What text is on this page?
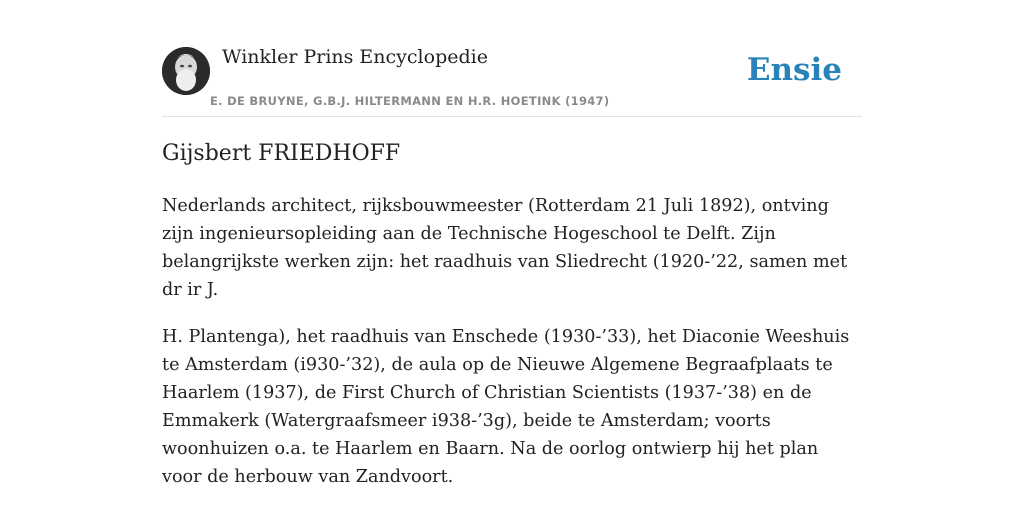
Winkler Prins Encyclopedie
E. DE BRUYNE, G.B.J. HILTERMANN EN H.R. HOETINK (1947)
Ensie
Gijsbert FRIEDHOFF

Nederlands architect, rijksbouwmeester (Rotterdam 21 Juli 1892), ontving zijn ingenieursopleiding aan de Technische Hogeschool te Delft. Zijn belangrijkste werken zijn: het raadhuis van Sliedrecht (1920-’22, samen met dr ir J.

H. Plantenga), het raadhuis van Enschede (1930-’33), het Diaconie Weeshuis te Amsterdam (i930-’32), de aula op de Nieuwe Algemene Begraafplaats te Haarlem (1937), de First Church of Christian Scientists (1937-’38) en de Emmakerk (Watergraafsmeer i938-’3g), beide te Amsterdam; voorts woonhuizen o.a. te Haarlem en Baarn. Na de oorlog ontwierp hij het plan voor de herbouw van Zandvoort.
